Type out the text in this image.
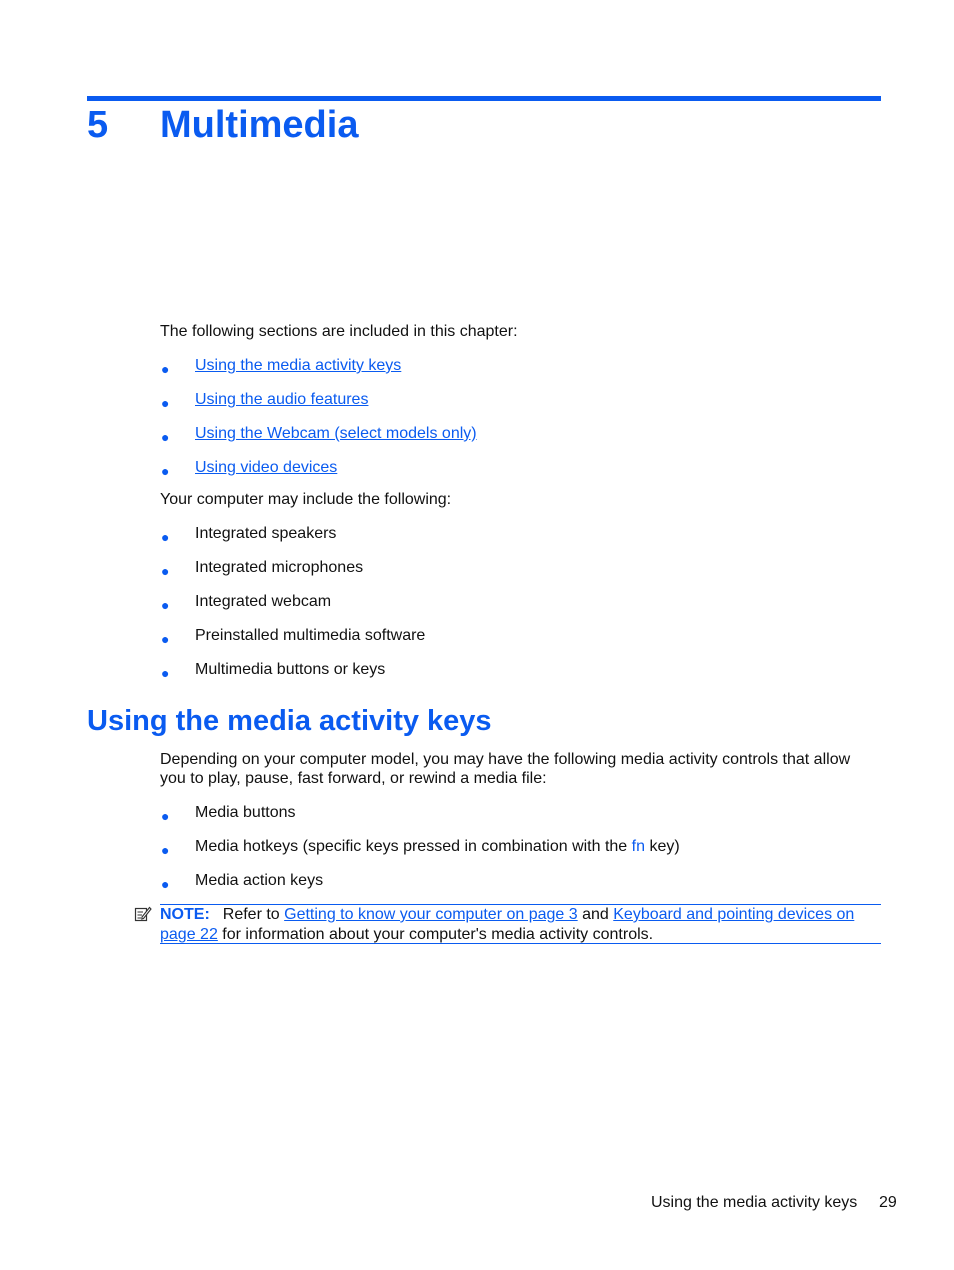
5 Multimedia
The following sections are included in this chapter:
● Using the media activity keys
● Using the audio features
● Using the Webcam (select models only)
● Using video devices
Your computer may include the following:
● Integrated speakers
● Integrated microphones
● Integrated webcam
● Preinstalled multimedia software
● Multimedia buttons or keys
Using the media activity keys
Depending on your computer model, you may have the following media activity controls that allow you to play, pause, fast forward, or rewind a media file:
● Media buttons
● Media hotkeys (specific keys pressed in combination with the fn key)
● Media action keys
NOTE: Refer to Getting to know your computer on page 3 and Keyboard and pointing devices on page 22 for information about your computer's media activity controls.
Using the media activity keys 29
